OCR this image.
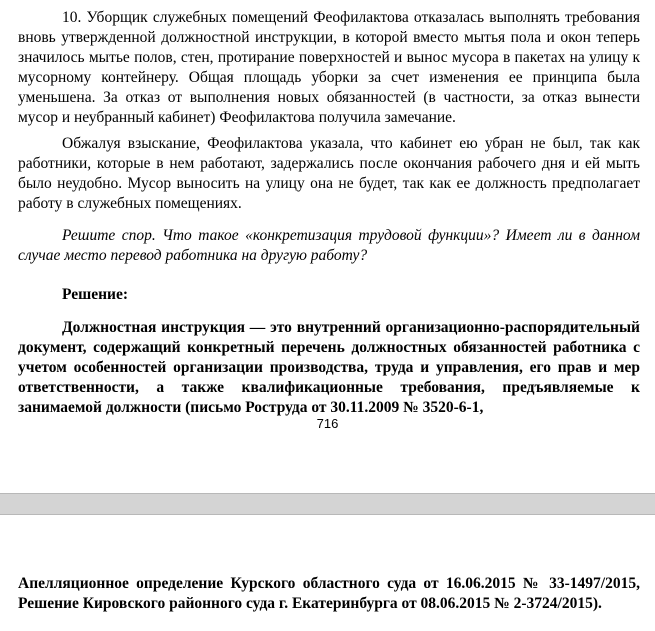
10. Уборщик служебных помещений Феофилактова отказалась выполнять требования вновь утвержденной должностной инструкции, в которой вместо мытья пола и окон теперь значилось мытье полов, стен, протирание поверхностей и вынос мусора в пакетах на улицу к мусорному контейнеру. Общая площадь уборки за счет изменения ее принципа была уменьшена. За отказ от выполнения новых обязанностей (в частности, за отказ вынести мусор и неубранный кабинет) Феофилактова получила замечание.

Обжалуя взыскание, Феофилактова указала, что кабинет ею убран не был, так как работники, которые в нем работают, задержались после окончания рабочего дня и ей мыть было неудобно. Мусор выносить на улицу она не будет, так как ее должность предполагает работу в служебных помещениях.

Решите спор. Что такое «конкретизация трудовой функции»? Имеет ли в данном случае место перевод работника на другую работу?

Решение:

Должностная инструкция — это внутренний организационно-распорядительный документ, содержащий конкретный перечень должностных обязанностей работника с учетом особенностей организации производства, труда и управления, его прав и мер ответственности, а также квалификационные требования, предъявляемые к занимаемой должности (письмо Роструда от 30.11.2009 № 3520-6-1,

716

Апелляционное определение Курского областного суда от 16.06.2015 № 33-1497/2015, Решение Кировского районного суда г. Екатеринбурга от 08.06.2015 № 2-3724/2015).
